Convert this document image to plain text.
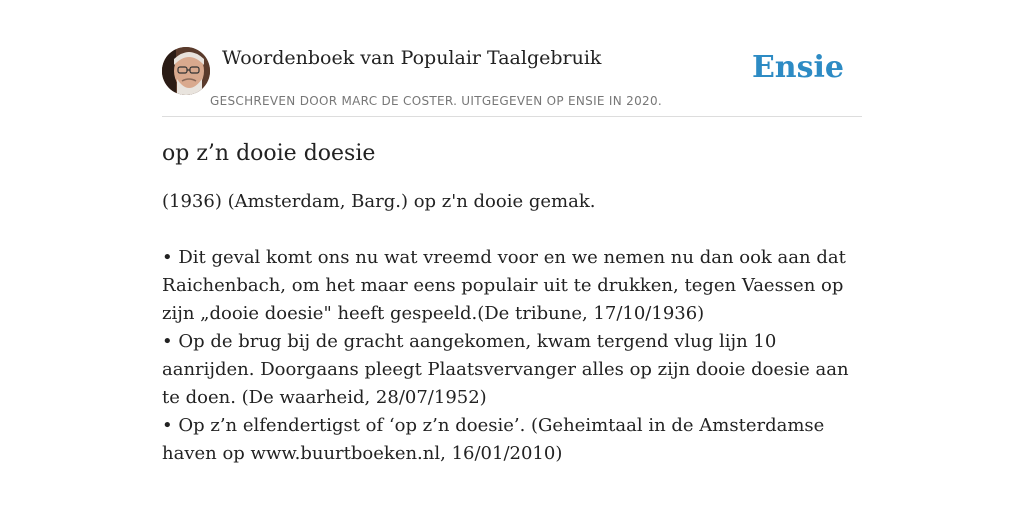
Woordenboek van Populair Taalgebruik
GESCHREVEN DOOR MARC DE COSTER. UITGEGEVEN OP ENSIE IN 2020.
Ensie
op z’n dooie doesie

(1936) (Amsterdam, Barg.) op z'n dooie gemak.

• Dit geval komt ons nu wat vreemd voor en we nemen nu dan ook aan dat Raichenbach, om het maar eens populair uit te drukken, tegen Vaessen op zijn „dooie doesie" heeft gespeeld.(De tribune, 17/10/1936)

• Op de brug bij de gracht aangekomen, kwam tergend vlug lijn 10 aanrijden. Doorgaans pleegt Plaatsvervanger alles op zijn dooie doesie aan te doen. (De waarheid, 28/07/1952)

• Op z’n elfendertigst of ‘op z’n doesie’. (Geheimtaal in de Amsterdamse haven op www.buurtboeken.nl, 16/01/2010)
